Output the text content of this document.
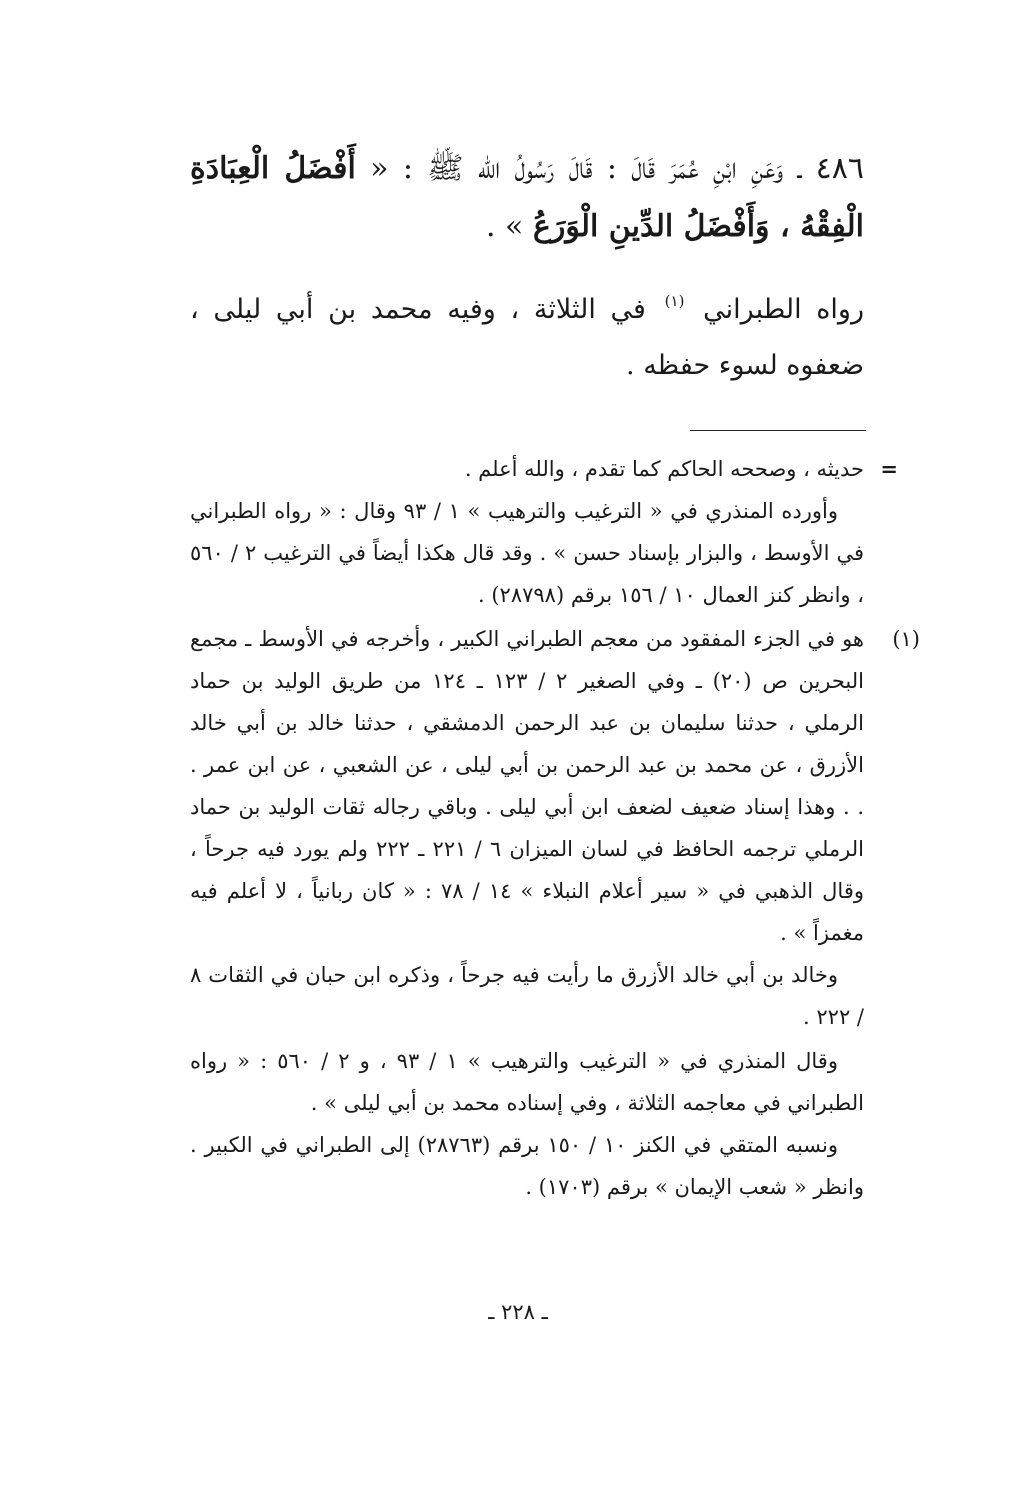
٤٨٦ ـ وَعَنِ ابْنِ عُمَرَ قَالَ : قَالَ رَسُولُ الله ﷺ : « أَفْضَلُ الْعِبَادَةِ الْفِقْهُ ، وَأَفْضَلُ الدِّينِ الْوَرَعُ » .
رواه الطبراني $^{(١)}$ في الثلاثة ، وفيه محمد بن أبي ليلى ، ضعفوه لسوء حفظه .

=
حديثه ، وصححه الحاكم كما تقدم ، والله أعلم .

وأورده المنذري في « الترغيب والترهيب » ١ / ٩٣ وقال : « رواه الطبراني في الأوسط ، والبزار بإسناد حسن » . وقد قال هكذا أيضاً في الترغيب ٢ / ٥٦٠ ، وانظر كنز العمال ١٠ / ١٥٦ برقم (٢٨٧٩٨) .

(١)
هو في الجزء المفقود من معجم الطبراني الكبير ، وأخرجه في الأوسط ـ مجمع البحرين ص (٢٠) ـ وفي الصغير ٢ / ١٢٣ ـ ١٢٤ من طريق الوليد بن حماد الرملي ، حدثنا سليمان بن عبد الرحمن الدمشقي ، حدثنا خالد بن أبي خالد الأزرق ، عن محمد بن عبد الرحمن بن أبي ليلى ، عن الشعبي ، عن ابن عمر . . . وهذا إسناد ضعيف لضعف ابن أبي ليلى . وباقي رجاله ثقات الوليد بن حماد الرملي ترجمه الحافظ في لسان الميزان ٦ / ٢٢١ ـ ٢٢٢ ولم يورد فيه جرحاً ، وقال الذهبي في « سير أعلام النبلاء » ١٤ / ٧٨ : « كان ربانياً ، لا أعلم فيه مغمزاً » .

وخالد بن أبي خالد الأزرق ما رأيت فيه جرحاً ، وذكره ابن حبان في الثقات ٨ / ٢٢٢ .

وقال المنذري في « الترغيب والترهيب » ١ / ٩٣ ، و ٢ / ٥٦٠ : « رواه الطبراني في معاجمه الثلاثة ، وفي إسناده محمد بن أبي ليلى » .

ونسبه المتقي في الكنز ١٠ / ١٥٠ برقم (٢٨٧٦٣) إلى الطبراني في الكبير . وانظر « شعب الإيمان » برقم (١٧٠٣) .

ـ ٢٢٨ ـ
